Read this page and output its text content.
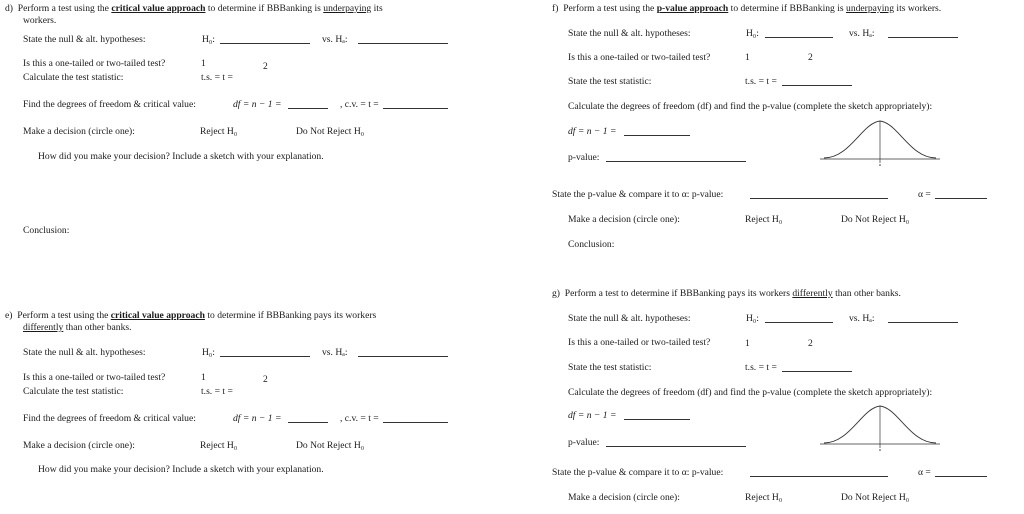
d) Perform a test using the critical value approach to determine if BBBanking is underpaying its
workers.
State the null & alt. hypotheses:	H₀:	vs. Hₐ:
Is this a one-tailed or two-tailed test?	1	2
Calculate the test statistic:	t.s. = t =
Find the degrees of freedom & critical value:	df = n − 1 =	, c.v. = t =
Make a decision (circle one):	Reject H₀	Do Not Reject H₀
How did you make your decision? Include a sketch with your explanation.
Conclusion:
e) Perform a test using the critical value approach to determine if BBBanking pays its workers
differently than other banks.
State the null & alt. hypotheses:	H₀:	vs. Hₐ:
Is this a one-tailed or two-tailed test?	1	2
Calculate the test statistic:	t.s. = t =
Find the degrees of freedom & critical value:	df = n − 1 =	, c.v. = t =
Make a decision (circle one):	Reject H₀	Do Not Reject H₀
How did you make your decision? Include a sketch with your explanation.
f) Perform a test using the p-value approach to determine if BBBanking is underpaying its workers.
State the null & alt. hypotheses:	H₀:	vs. Hₐ:
Is this a one-tailed or two-tailed test?	1	2
State the test statistic:	t.s. = t =
Calculate the degrees of freedom (df) and find the p-value (complete the sketch appropriately):
df = n − 1 =
p-value:
State the p-value & compare it to α: p-value:	α =
Make a decision (circle one):	Reject H₀	Do Not Reject H₀
Conclusion:
g) Perform a test to determine if BBBanking pays its workers differently than other banks.
State the null & alt. hypotheses:	H₀:	vs. Hₐ:
Is this a one-tailed or two-tailed test?	1	2
State the test statistic:	t.s. = t =
Calculate the degrees of freedom (df) and find the p-value (complete the sketch appropriately):
df = n − 1 =
p-value:
State the p-value & compare it to α: p-value:	α =
Make a decision (circle one):	Reject H₀	Do Not Reject H₀
